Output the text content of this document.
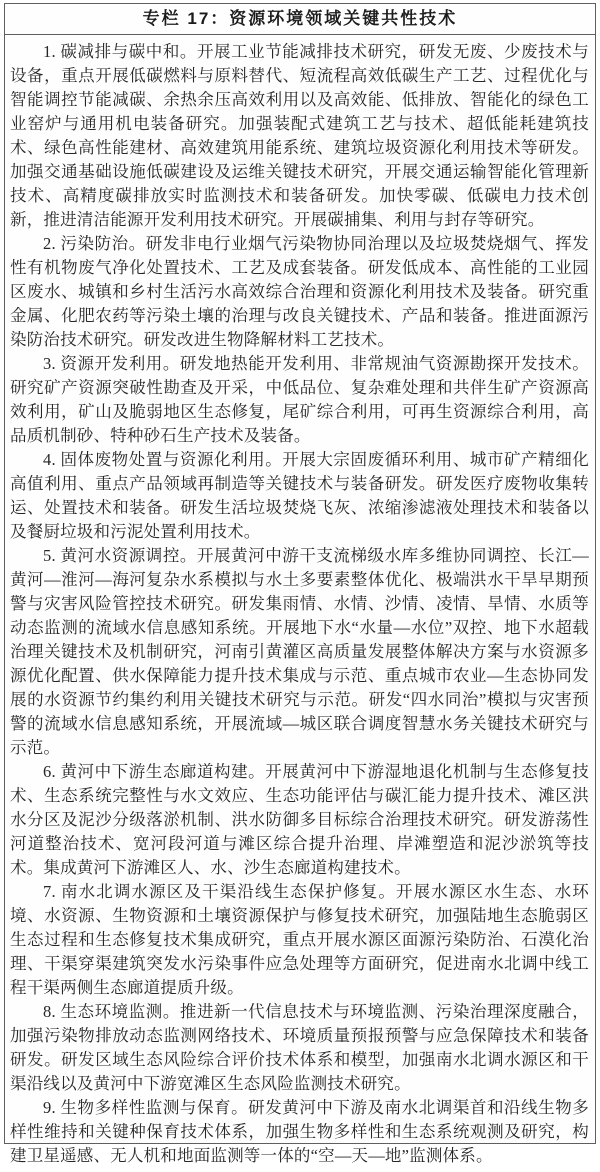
专栏 17：资源环境领域关键共性技术

1. 碳减排与碳中和。开展工业节能减排技术研究，研发无废、少废技术与设备，重点开展低碳燃料与原料替代、短流程高效低碳生产工艺、过程优化与智能调控节能减碳、余热余压高效利用以及高效能、低排放、智能化的绿色工业窑炉与通用机电装备研究。加强装配式建筑工艺与技术、超低能耗建筑技术、绿色高性能建材、高效建筑用能系统、建筑垃圾资源化利用技术等研发。加强交通基础设施低碳建设及运维关键技术研究，开展交通运输智能化管理新技术、高精度碳排放实时监测技术和装备研发。加快零碳、低碳电力技术创新，推进清洁能源开发利用技术研究。开展碳捕集、利用与封存等研究。

2. 污染防治。研发非电行业烟气污染物协同治理以及垃圾焚烧烟气、挥发性有机物废气净化处置技术、工艺及成套装备。研发低成本、高性能的工业园区废水、城镇和乡村生活污水高效综合治理和资源化利用技术及装备。研究重金属、化肥农药等污染土壤的治理与改良关键技术、产品和装备。推进面源污染防治技术研究。研发改进生物降解材料工艺技术。

3. 资源开发利用。研发地热能开发利用、非常规油气资源勘探开发技术。研究矿产资源突破性勘查及开采，中低品位、复杂难处理和共伴生矿产资源高效利用，矿山及脆弱地区生态修复，尾矿综合利用，可再生资源综合利用，高品质机制砂、特种砂石生产技术及装备。

4. 固体废物处置与资源化利用。开展大宗固废循环利用、城市矿产精细化高值利用、重点产品领域再制造等关键技术与装备研发。研发医疗废物收集转运、处置技术和装备。研发生活垃圾焚烧飞灰、浓缩渗滤液处理技术和装备以及餐厨垃圾和污泥处置利用技术。

5. 黄河水资源调控。开展黄河中游干支流梯级水库多维协同调控、长江—黄河—淮河—海河复杂水系模拟与水土多要素整体优化、极端洪水干旱早期预警与灾害风险管控技术研究。研发集雨情、水情、沙情、凌情、旱情、水质等动态监测的流域水信息感知系统。开展地下水“水量—水位”双控、地下水超载治理关键技术及机制研究，河南引黄灌区高质量发展整体解决方案与水资源多源优化配置、供水保障能力提升技术集成与示范、重点城市农业—生态协同发展的水资源节约集约利用关键技术研究与示范。研发“四水同治”模拟与灾害预警的流域水信息感知系统，开展流域—城区联合调度智慧水务关键技术研究与示范。

6. 黄河中下游生态廊道构建。开展黄河中下游湿地退化机制与生态修复技术、生态系统完整性与水文效应、生态功能评估与碳汇能力提升技术、滩区洪水分区及泥沙分级落淤机制、洪水防御多目标综合治理技术研究。研发游荡性河道整治技术、宽河段河道与滩区综合提升治理、岸滩塑造和泥沙淤筑等技术。集成黄河下游滩区人、水、沙生态廊道构建技术。

7. 南水北调水源区及干渠沿线生态保护修复。开展水源区水生态、水环境、水资源、生物资源和土壤资源保护与修复技术研究，加强陆地生态脆弱区生态过程和生态修复技术集成研究，重点开展水源区面源污染防治、石漠化治理、干渠穿渠建筑突发水污染事件应急处理等方面研究，促进南水北调中线工程干渠两侧生态廊道提质升级。

8. 生态环境监测。推进新一代信息技术与环境监测、污染治理深度融合，加强污染物排放动态监测网络技术、环境质量预报预警与应急保障技术和装备研发。研发区域生态风险综合评价技术体系和模型，加强南水北调水源区和干渠沿线以及黄河中下游宽滩区生态风险监测技术研究。

9. 生物多样性监测与保育。研发黄河中下游及南水北调渠首和沿线生物多样性维持和关键种保育技术体系，加强生物多样性和生态系统观测及研究，构建卫星遥感、无人机和地面监测等一体的“空—天—地”监测体系。
